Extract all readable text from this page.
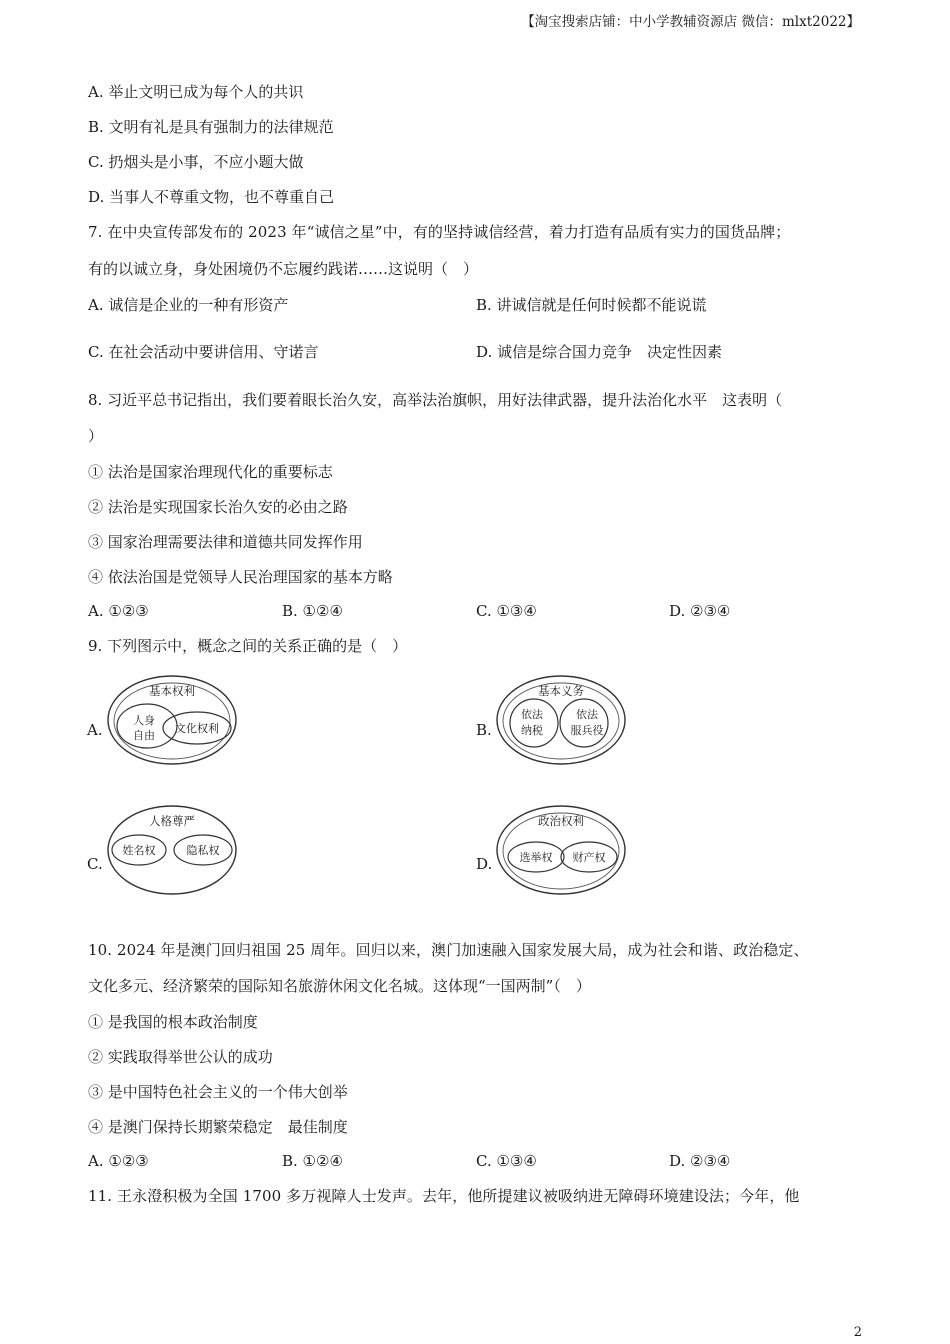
【淘宝搜索店铺：中小学教辅资源店 微信：mlxt2022】
A. 举止文明已成为每个人的共识
B. 文明有礼是具有强制力的法律规范
C. 扔烟头是小事，不应小题大做
D. 当事人不尊重文物，也不尊重自己
7. 在中央宣传部发布的 2023 年“诚信之星”中，有的坚持诚信经营，着力打造有品质有实力的国货品牌；
有的以诚立身，身处困境仍不忘履约践诺……这说明（　）
A. 诚信是企业的一种有形资产	B. 讲诚信就是任何时候都不能说谎
C. 在社会活动中要讲信用、守诺言	D. 诚信是综合国力竞争　决定性因素
8. 习近平总书记指出，我们要着眼长治久安，高举法治旗帜，用好法律武器，提升法治化水平　这表明（
）
① 法治是国家治理现代化的重要标志
② 法治是实现国家长治久安的必由之路
③ 国家治理需要法律和道德共同发挥作用
④ 依法治国是党领导人民治理国家的基本方略
A. ①②③	B. ①②④	C. ①③④	D. ②③④
9. 下列图示中，概念之间的关系正确的是（　）
A.
基本权利
人身
自由
文化权利	B.
基本义务
依法
纳税
依法
服兵役
C.
人格尊严
姓名权	隐私权
D.
政治权利
选举权 财产权
10. 2024 年是澳门回归祖国 25 周年。回归以来，澳门加速融入国家发展大局，成为社会和谐、政治稳定、
文化多元、经济繁荣的国际知名旅游休闲文化名城。这体现“一国两制”（　）
① 是我国的根本政治制度
② 实践取得举世公认的成功
③ 是中国特色社会主义的一个伟大创举
④ 是澳门保持长期繁荣稳定　最佳制度
A. ①②③	B. ①②④	C. ①③④	D. ②③④
11. 王永澄积极为全国 1700 多万视障人士发声。去年，他所提建议被吸纳进无障碍环境建设法；今年，他
2
